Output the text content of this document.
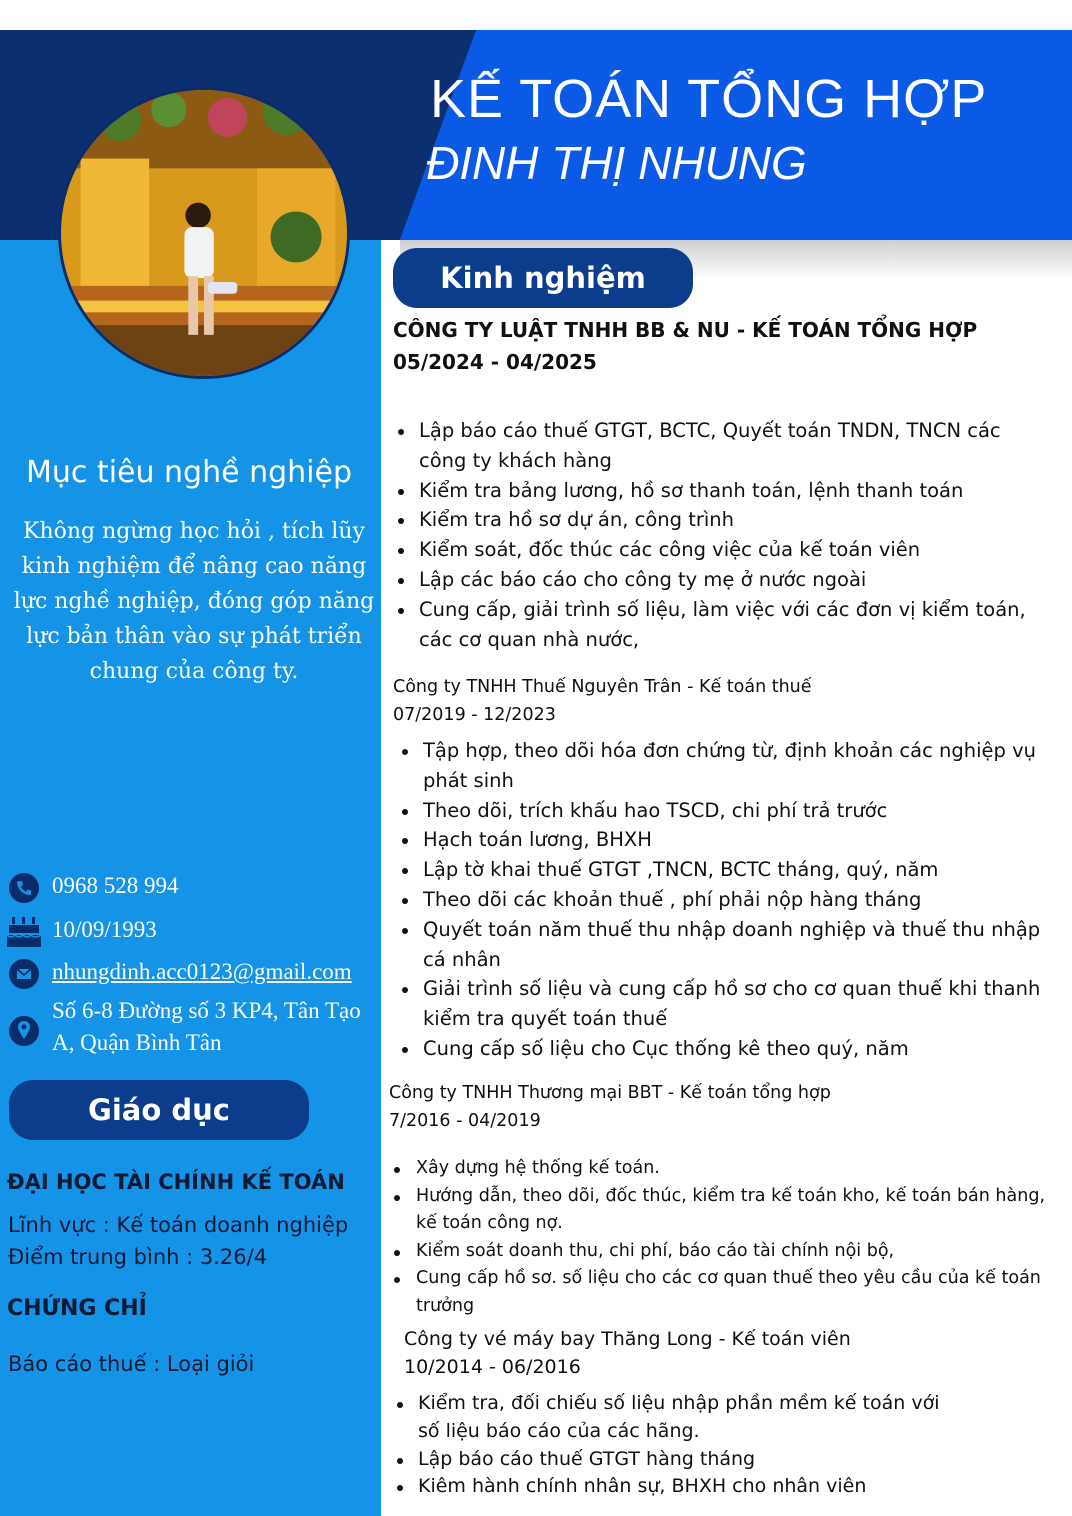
KẾ TOÁN TỔNG HỢP
ĐINH THỊ NHUNG
Kinh nghiệm
Mục tiêu nghề nghiệp
Không ngừng học hỏi , tích lũy kinh nghiệm để nâng cao năng lực nghề nghiệp, đóng góp năng lực bản thân vào sự phát triển chung của công ty.
0968 528 994
10/09/1993
nhungdinh.acc0123@gmail.com
Số 6-8 Đường số 3 KP4, Tân Tạo A, Quận Bình Tân
Giáo dục
ĐẠI HỌC TÀI CHÍNH KẾ TOÁN
Lĩnh vực : Kế toán doanh nghiệp
Điểm trung bình : 3.26/4
CHỨNG CHỈ
Báo cáo thuế : Loại giỏi
CÔNG TY LUẬT TNHH BB & NU - KẾ TOÁN TỔNG HỢP
05/2024 - 04/2025
Lập báo cáo thuế GTGT, BCTC, Quyết toán TNDN, TNCN các công ty khách hàng
Kiểm tra bảng lương, hồ sơ thanh toán, lệnh thanh toán
Kiểm tra hồ sơ dự án, công trình
Kiểm soát, đốc thúc các công việc của kế toán viên
Lập các báo cáo cho công ty mẹ ở nước ngoài
Cung cấp, giải trình số liệu, làm việc với các đơn vị kiểm toán, các cơ quan nhà nước,
Công ty TNHH Thuế Nguyên Trân - Kế toán thuế
07/2019 - 12/2023
Tập hợp, theo dõi hóa đơn chứng từ, định khoản các nghiệp vụ phát sinh
Theo dõi, trích khấu hao TSCD, chi phí trả trước
Hạch toán lương, BHXH
Lập tờ khai thuế GTGT ,TNCN, BCTC tháng, quý, năm
Theo dõi các khoản thuế , phí phải nộp hàng tháng
Quyết toán năm thuế thu nhập doanh nghiệp và thuế thu nhập cá nhân
Giải trình số liệu và cung cấp hồ sơ cho cơ quan thuế khi thanh kiểm tra quyết toán thuế
Cung cấp số liệu cho Cục thống kê theo quý, năm
Công ty TNHH Thương mại BBT - Kế toán tổng hợp
7/2016 - 04/2019
Xây dựng hệ thống kế toán.
Hướng dẫn, theo dõi, đốc thúc, kiểm tra kế toán kho, kế toán bán hàng, kế toán công nợ.
Kiểm soát doanh thu, chi phí, báo cáo tài chính nội bộ,
Cung cấp hồ sơ. số liệu cho các cơ quan thuế theo yêu cầu của kế toán trưởng
Công ty vé máy bay Thăng Long - Kế toán viên
10/2014 - 06/2016
Kiểm tra, đối chiếu số liệu nhập phần mềm kế toán với số liệu báo cáo của các hãng.
Lập báo cáo thuế GTGT hàng tháng
Kiêm hành chính nhân sự, BHXH cho nhân viên
